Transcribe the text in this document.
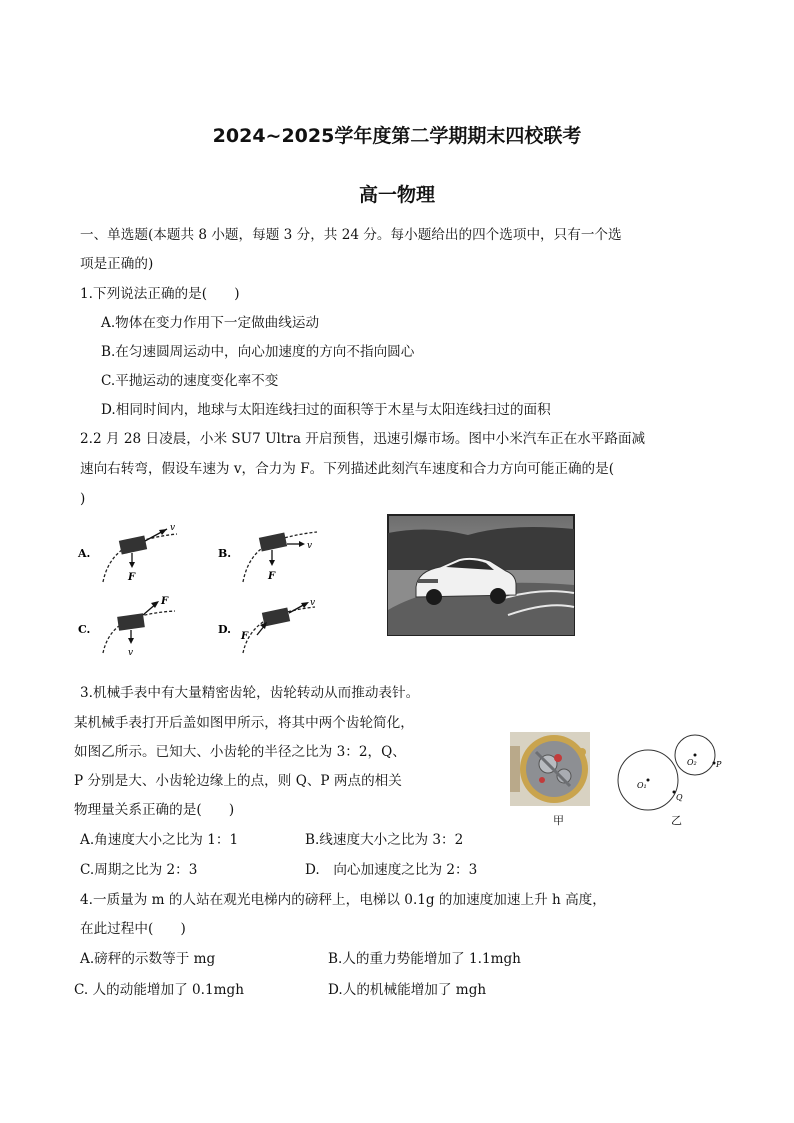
2024~2025学年度第二学期期末四校联考
高一物理
一、单选题(本题共 8 小题，每题 3 分，共 24 分。每小题给出的四个选项中，只有一个选
项是正确的)
1.下列说法正确的是(　　)
A.物体在变力作用下一定做曲线运动
B.在匀速圆周运动中，向心加速度的方向不指向圆心
C.平抛运动的速度变化率不变
D.相同时间内，地球与太阳连线扫过的面积等于木星与太阳连线扫过的面积
2.2 月 28 日凌晨，小米 SU7 Ultra 开启预售，迅速引爆市场。图中小米汽车正在水平路面减
速向右转弯，假设车速为 v，合力为 F。下列描述此刻汽车速度和合力方向可能正确的是(
)
A.
F
v
B.
F
v
C.
F
v
D.
F
v
3.机械手表中有大量精密齿轮，齿轮转动从而推动表针。
某机械手表打开后盖如图甲所示，将其中两个齿轮简化，
如图乙所示。已知大、小齿轮的半径之比为 3：2，Q、
P 分别是大、小齿轮边缘上的点，则 Q、P 两点的相关
物理量关系正确的是(　　)
A.角速度大小之比为 1：1	B.线速度大小之比为 3：2
C.周期之比为 2：3	D.　向心加速度之比为 2：3
甲
O₁
O₂ P
Q
乙
4.一质量为 m 的人站在观光电梯内的磅秤上，电梯以 0.1g 的加速度加速上升 h 高度，
在此过程中(　　)
A.磅秤的示数等于 mg	B.人的重力势能增加了 1.1mgh
C. 人的动能增加了 0.1mgh	D.人的机械能增加了 mgh
